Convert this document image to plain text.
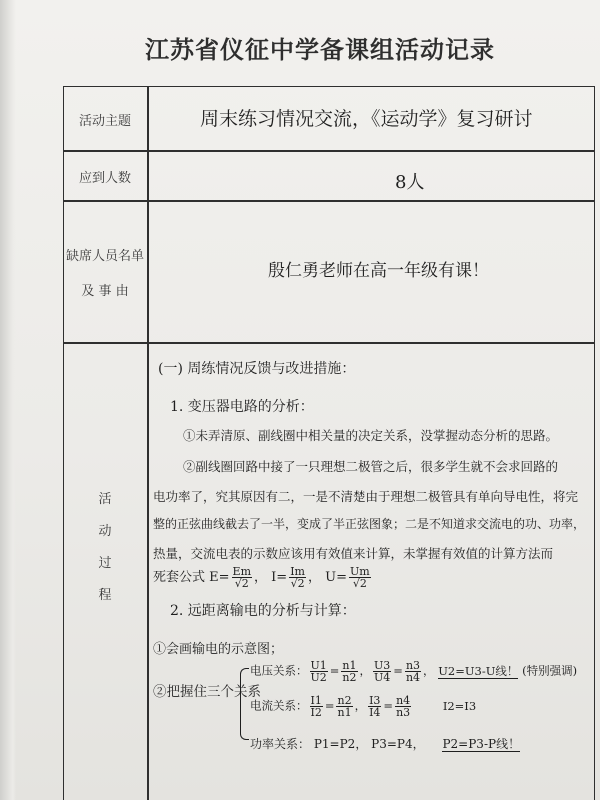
江苏省仪征中学备课组活动记录
活动主题
应到人数
缺席人员名单
及 事 由
活
动
过
程
周末练习情况交流，《运动学》复习研讨
8人
殷仁勇老师在高一年级有课！
(一) 周练情况反馈与改进措施：
1. 变压器电路的分析：
①未弄清原、副线圈中相关量的决定关系，没掌握动态分析的思路。
②副线圈回路中接了一只理想二极管之后，很多学生就不会求回路的
电功率了，究其原因有二，一是不清楚由于理想二极管具有单向导电性，将完
整的正弦曲线截去了一半，变成了半正弦图象；二是不知道求交流电的功、功率，
热量，交流电表的示数应该用有效值来计算，未掌握有效值的计算方法而
死套公式 $E= \frac{Em}{√2}$ ， $I= \frac{Im}{√2}$ ， $U= \frac{Um}{√2}$
2. 远距离输电的分析与计算：
①会画输电的示意图；
②把握住三个关系
电压关系： $\frac{U1}{U2} = \frac{n1}{n2}$ ， $\frac{U3}{U4} = \frac{n3}{n4}$ ， U2=U3-U线！ (特别强调)
电流关系： $\frac{I1}{I2} = \frac{n2}{n1}$ ， $\frac{I3}{I4} = \frac{n4}{n3}$	I2=I3
功率关系： P1=P2， P3=P4， P2=P3-P线！
